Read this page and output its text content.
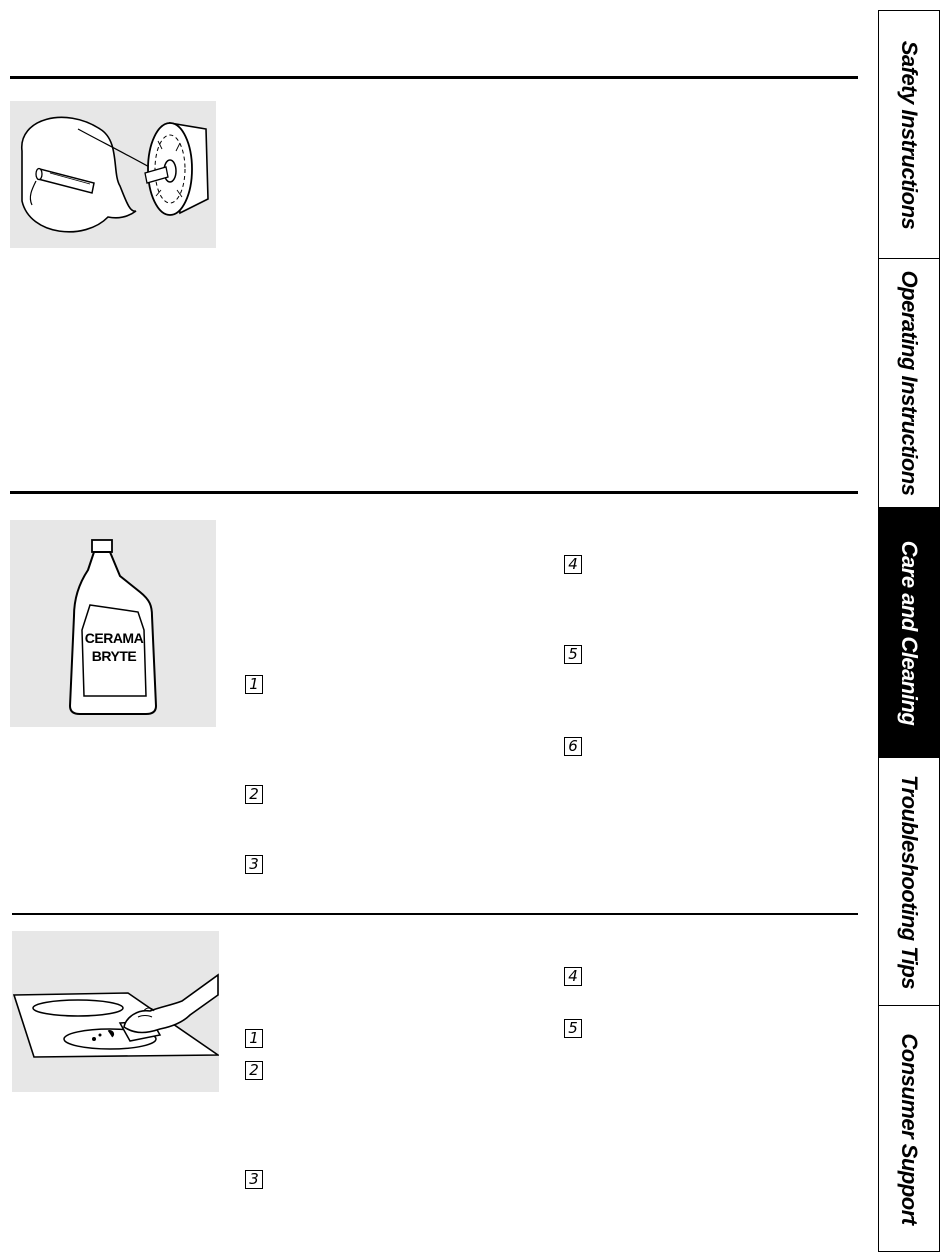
CERAMA
BRYTE
1
2
3
4
5
6
1
2
3
4
5
Safety Instructions
Operating Instructions
Care and Cleaning
Troubleshooting Tips
Consumer Support
